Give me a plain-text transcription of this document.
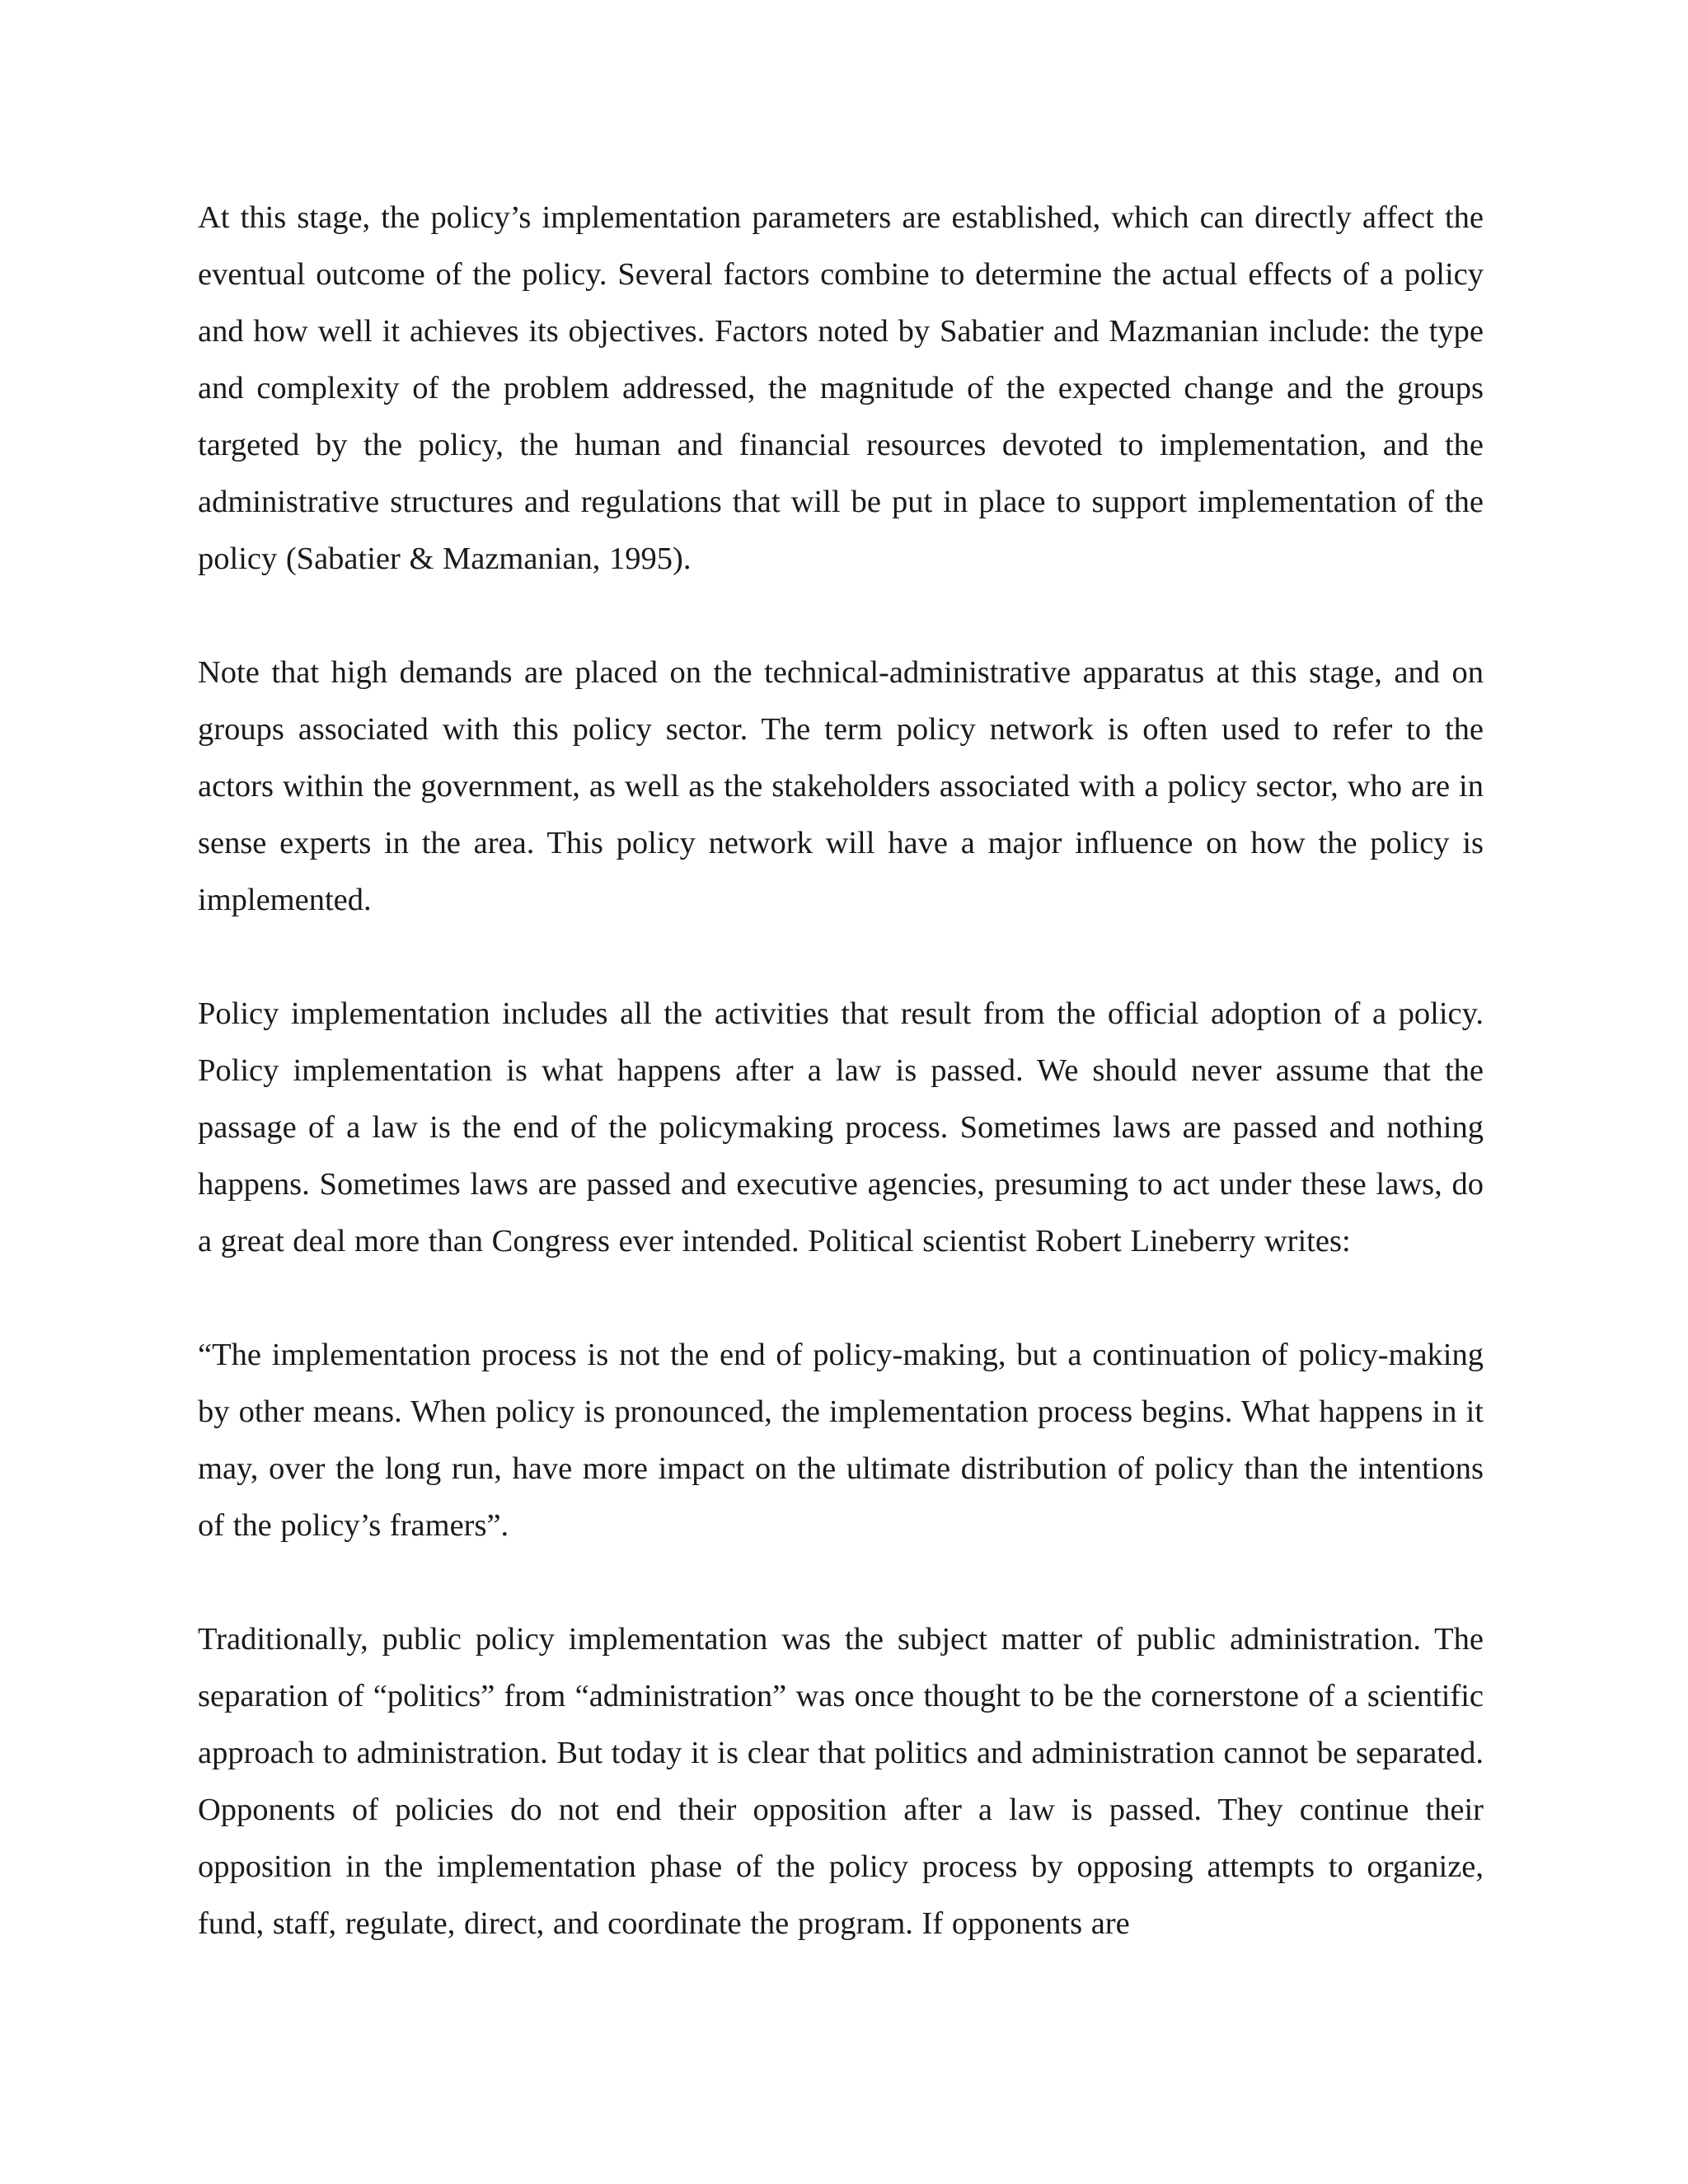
At this stage, the policy’s implementation parameters are established, which can directly affect the eventual outcome of the policy. Several factors combine to determine the actual effects of a policy and how well it achieves its objectives. Factors noted by Sabatier and Mazmanian include: the type and complexity of the problem addressed, the magnitude of the expected change and the groups targeted by the policy, the human and financial resources devoted to implementation, and the administrative structures and regulations that will be put in place to support implementation of the policy (Sabatier & Mazmanian, 1995).

Note that high demands are placed on the technical-administrative apparatus at this stage, and on groups associated with this policy sector. The term policy network is often used to refer to the actors within the government, as well as the stakeholders associated with a policy sector, who are in sense experts in the area. This policy network will have a major influence on how the policy is implemented.

Policy implementation includes all the activities that result from the official adoption of a policy. Policy implementation is what happens after a law is passed. We should never assume that the passage of a law is the end of the policymaking process. Sometimes laws are passed and nothing happens. Sometimes laws are passed and executive agencies, presuming to act under these laws, do a great deal more than Congress ever intended. Political scientist Robert Lineberry writes:

“The implementation process is not the end of policy-making, but a continuation of policy-making by other means. When policy is pronounced, the implementation process begins. What happens in it may, over the long run, have more impact on the ultimate distribution of policy than the intentions of the policy’s framers”.

Traditionally, public policy implementation was the subject matter of public administration. The separation of “politics” from “administration” was once thought to be the cornerstone of a scientific approach to administration. But today it is clear that politics and administration cannot be separated. Opponents of policies do not end their opposition after a law is passed. They continue their opposition in the implementation phase of the policy process by opposing attempts to organize, fund, staff, regulate, direct, and coordinate the program. If opponents are
